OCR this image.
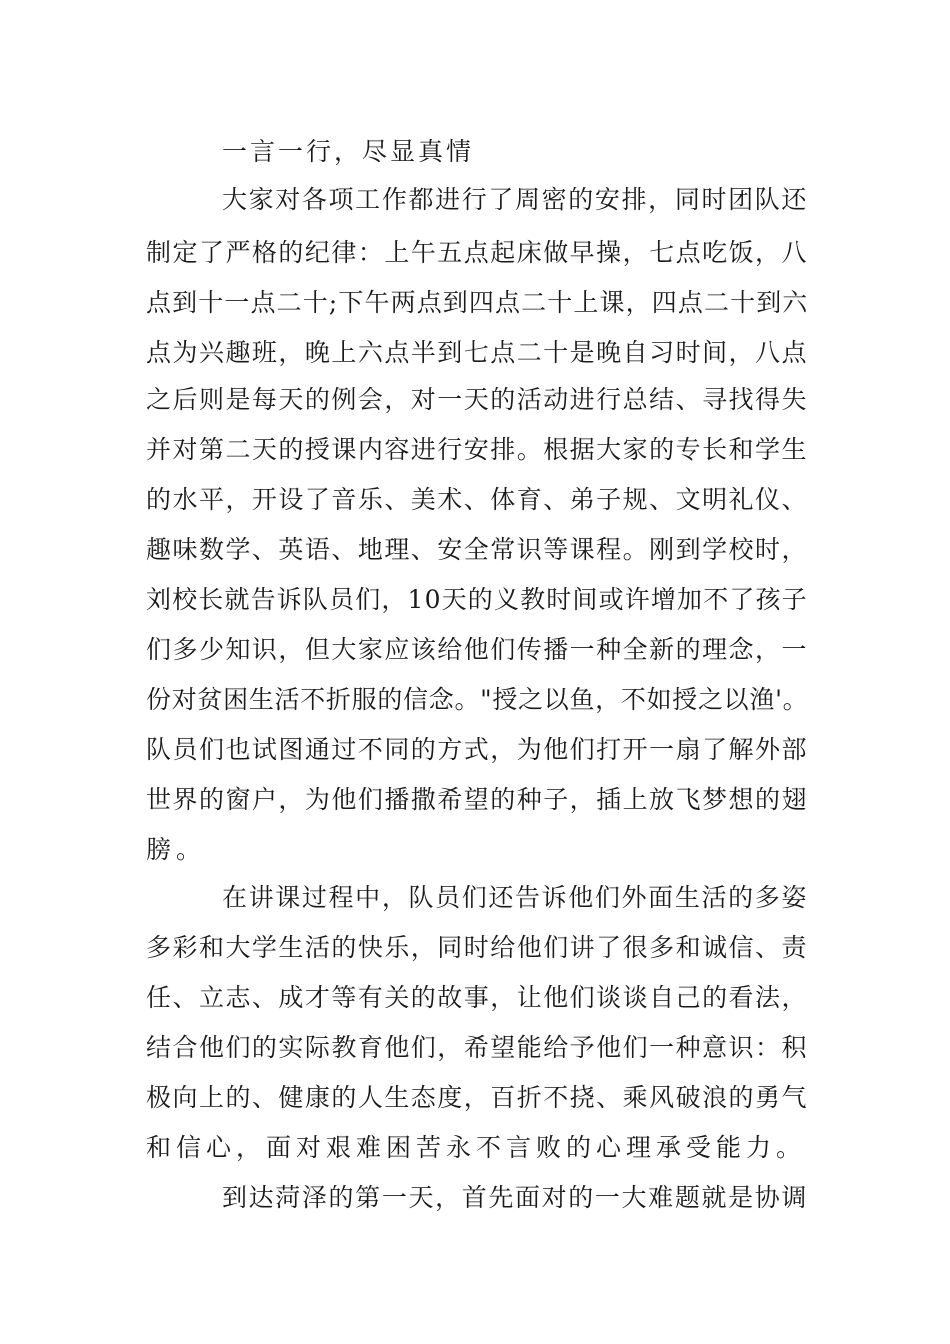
一言一行，尽显真情
大家对各项工作都进行了周密的安排，同时团队还
制定了严格的纪律：上午五点起床做早操，七点吃饭，八
点到十一点二十;下午两点到四点二十上课，四点二十到六
点为兴趣班，晚上六点半到七点二十是晚自习时间，八点
之后则是每天的例会，对一天的活动进行总结、寻找得失
并对第二天的授课内容进行安排。根据大家的专长和学生
的水平，开设了音乐、美术、体育、弟子规、文明礼仪、
趣味数学、英语、地理、安全常识等课程。刚到学校时，
刘校长就告诉队员们，10天的义教时间或许增加不了孩子
们多少知识，但大家应该给他们传播一种全新的理念，一
份对贫困生活不折服的信念。"授之以鱼，不如授之以渔'。
队员们也试图通过不同的方式，为他们打开一扇了解外部
世界的窗户，为他们播撒希望的种子，插上放飞梦想的翅
膀。
在讲课过程中，队员们还告诉他们外面生活的多姿
多彩和大学生活的快乐，同时给他们讲了很多和诚信、责
任、立志、成才等有关的故事，让他们谈谈自己的看法，
结合他们的实际教育他们，希望能给予他们一种意识：积
极向上的、健康的人生态度，百折不挠、乘风破浪的勇气
和信心，面对艰难困苦永不言败的心理承受能力。
到达菏泽的第一天，首先面对的一大难题就是协调
